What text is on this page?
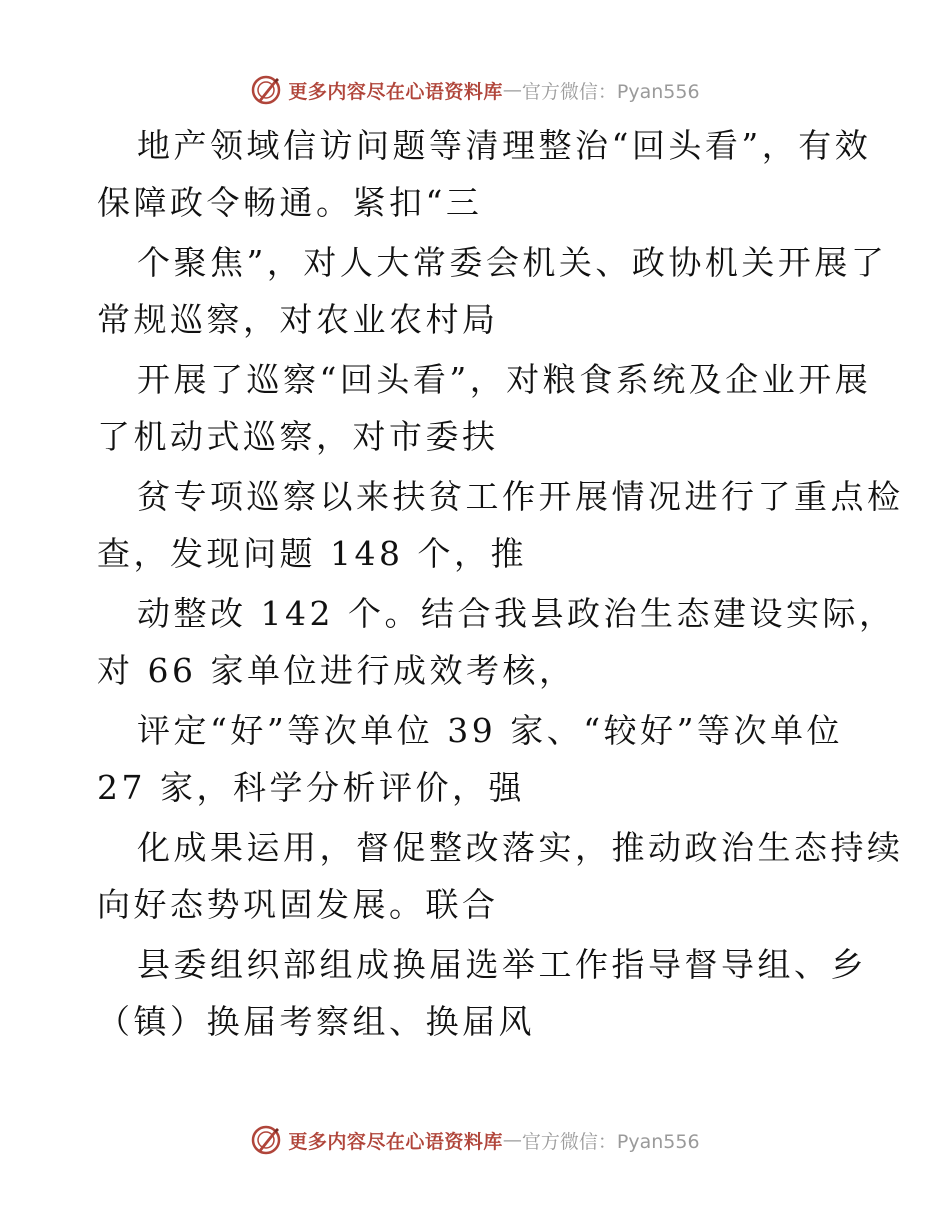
更多内容尽在心语资料库 — 官方微信：Pyan556
地产领域信访问题等清理整治“回头看”，有效
保障政令畅通。紧扣“三
个聚焦”，对人大常委会机关、政协机关开展了
常规巡察，对农业农村局
开展了巡察“回头看”，对粮食系统及企业开展
了机动式巡察，对市委扶
贫专项巡察以来扶贫工作开展情况进行了重点检
查，发现问题 148 个，推
动整改 142 个。结合我县政治生态建设实际，
对 66 家单位进行成效考核，
评定“好”等次单位 39 家、“较好”等次单位
27 家，科学分析评价，强
化成果运用，督促整改落实，推动政治生态持续
向好态势巩固发展。联合
县委组织部组成换届选举工作指导督导组、乡
（镇）换届考察组、换届风
更多内容尽在心语资料库 — 官方微信：Pyan556
